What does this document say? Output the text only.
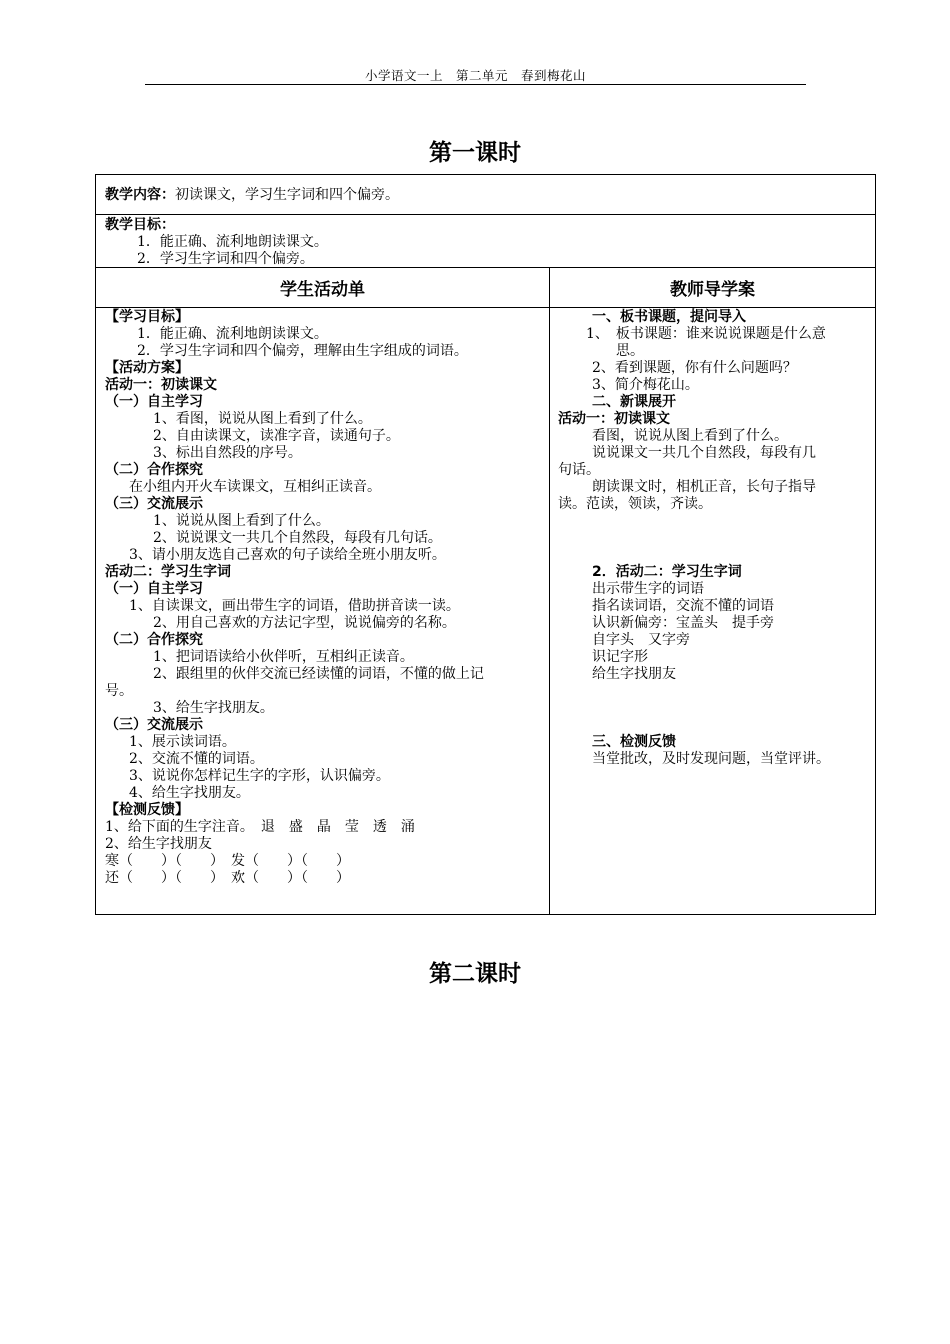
小学语文一上　第二单元　春到梅花山
第一课时
教学内容：初读课文，学习生字词和四个偏旁。
教学目标：
1．能正确、流利地朗读课文。
2．学习生字词和四个偏旁。
学生活动单	教师导学案
【学习目标】
1．能正确、流利地朗读课文。
2．学习生字词和四个偏旁，理解由生字组成的词语。
【活动方案】
活动一：初读课文
（一）自主学习
1、看图，说说从图上看到了什么。
2、自由读课文，读准字音，读通句子。
3、标出自然段的序号。
（二）合作探究
在小组内开火车读课文，互相纠正读音。
（三）交流展示
1、说说从图上看到了什么。
2、说说课文一共几个自然段，每段有几句话。
3、请小朋友选自己喜欢的句子读给全班小朋友听。
活动二：学习生字词
（一）自主学习
1、自读课文，画出带生字的词语，借助拼音读一读。
2、用自己喜欢的方法记字型，说说偏旁的名称。
（二）合作探究
1、把词语读给小伙伴听，互相纠正读音。
2、跟组里的伙伴交流已经读懂的词语，不懂的做上记
号。
3、给生字找朋友。
（三）交流展示
1、展示读词语。
2、交流不懂的词语。
3、说说你怎样记生字的字形，认识偏旁。
4、给生字找朋友。
【检测反馈】
1、给下面的生字注音。　退　盛　晶　莹　透　涌
2、给生字找朋友
寒（　　）（　　）　发（　　）（　　）
还（　　）（　　）　欢（　　）（　　）
一、板书课题，提问导入
1、　板书课题：谁来说说课题是什么意
思。
2、看到课题，你有什么问题吗？
3、简介梅花山。
二、新课展开
活动一：初读课文
看图，说说从图上看到了什么。
说说课文一共几个自然段，每段有几
句话。
朗读课文时，相机正音，长句子指导
读。范读，领读，齐读。
2．活动二：学习生字词
出示带生字的词语
指名读词语，交流不懂的词语
认识新偏旁：宝盖头　提手旁
自字头　又字旁
识记字形
给生字找朋友
三、检测反馈
当堂批改，及时发现问题，当堂评讲。
第二课时
